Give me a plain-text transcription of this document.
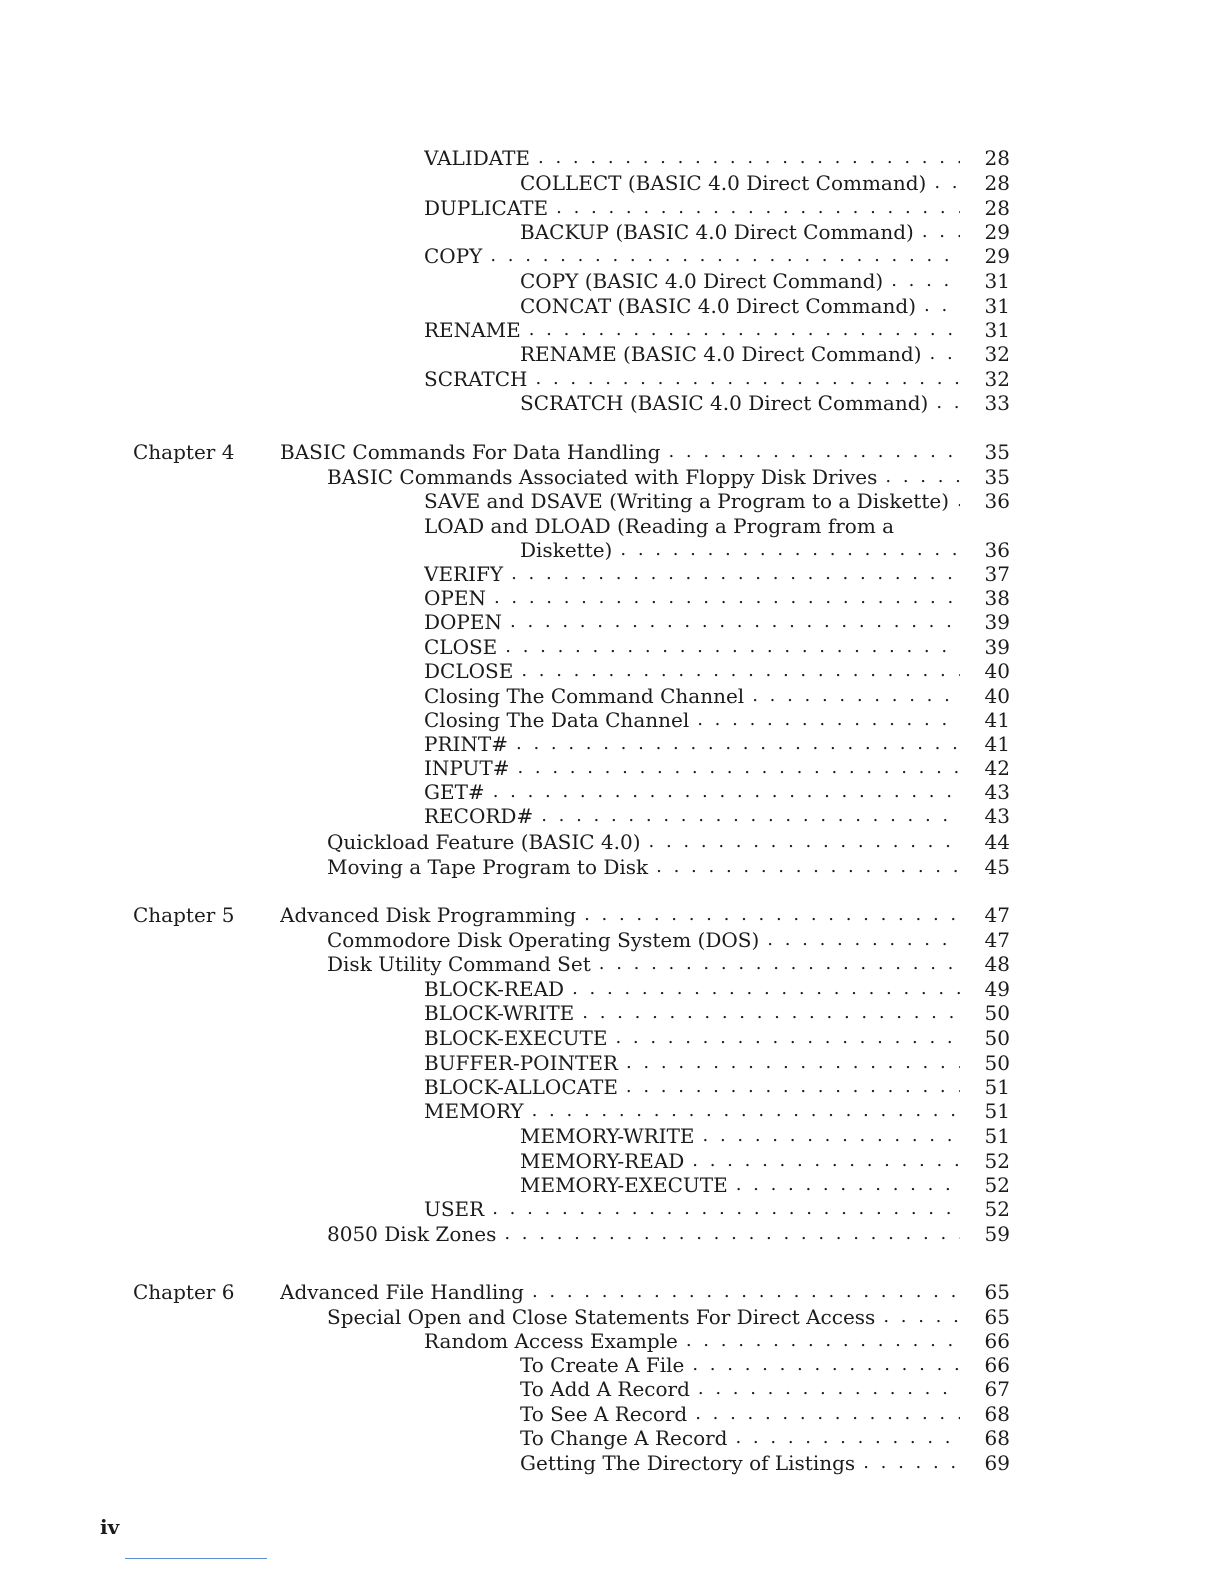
VALIDATE . . .	28
COLLECT (BASIC 4.0 Direct Command) . . .	28
DUPLICATE . . .	28
BACKUP (BASIC 4.0 Direct Command) . . .	29
COPY . . .	29
COPY (BASIC 4.0 Direct Command) . . .	31
CONCAT (BASIC 4.0 Direct Command) . . .	31
RENAME . . .	31
RENAME (BASIC 4.0 Direct Command) . . .	32
SCRATCH . . .	32
SCRATCH (BASIC 4.0 Direct Command) . . .	33
Chapter 4 BASIC Commands For Data Handling . . .	35
BASIC Commands Associated with Floppy Disk Drives . . .	35
SAVE and DSAVE (Writing a Program to a Diskette) . . .	36
LOAD and DLOAD (Reading a Program from a
Diskette) . . .	36
VERIFY . . .	37
OPEN . . .	38
DOPEN . . .	39
CLOSE . . .	39
DCLOSE . . .	40
Closing The Command Channel . . .	40
Closing The Data Channel . . .	41
PRINT# . . .	41
INPUT# . . .	42
GET# . . .	43
RECORD# . . .	43
Quickload Feature (BASIC 4.0) . . .	44
Moving a Tape Program to Disk . . .	45
Chapter 5 Advanced Disk Programming . . .	47
Commodore Disk Operating System (DOS) . . .	47
Disk Utility Command Set . . .	48
BLOCK-READ . . .	49
BLOCK-WRITE . . .	50
BLOCK-EXECUTE . . .	50
BUFFER-POINTER . . .	50
BLOCK-ALLOCATE . . .	51
MEMORY . . .	51
MEMORY-WRITE . . .	51
MEMORY-READ . . .	52
MEMORY-EXECUTE . . .	52
USER . . .	52
8050 Disk Zones . . .	59
Chapter 6 Advanced File Handling . . .	65
Special Open and Close Statements For Direct Access . . .	65
Random Access Example . . .	66
To Create A File . . .	66
To Add A Record . . .	67
To See A Record . . .	68
To Change A Record . . .	68
Getting The Directory of Listings . . .	69
iv
